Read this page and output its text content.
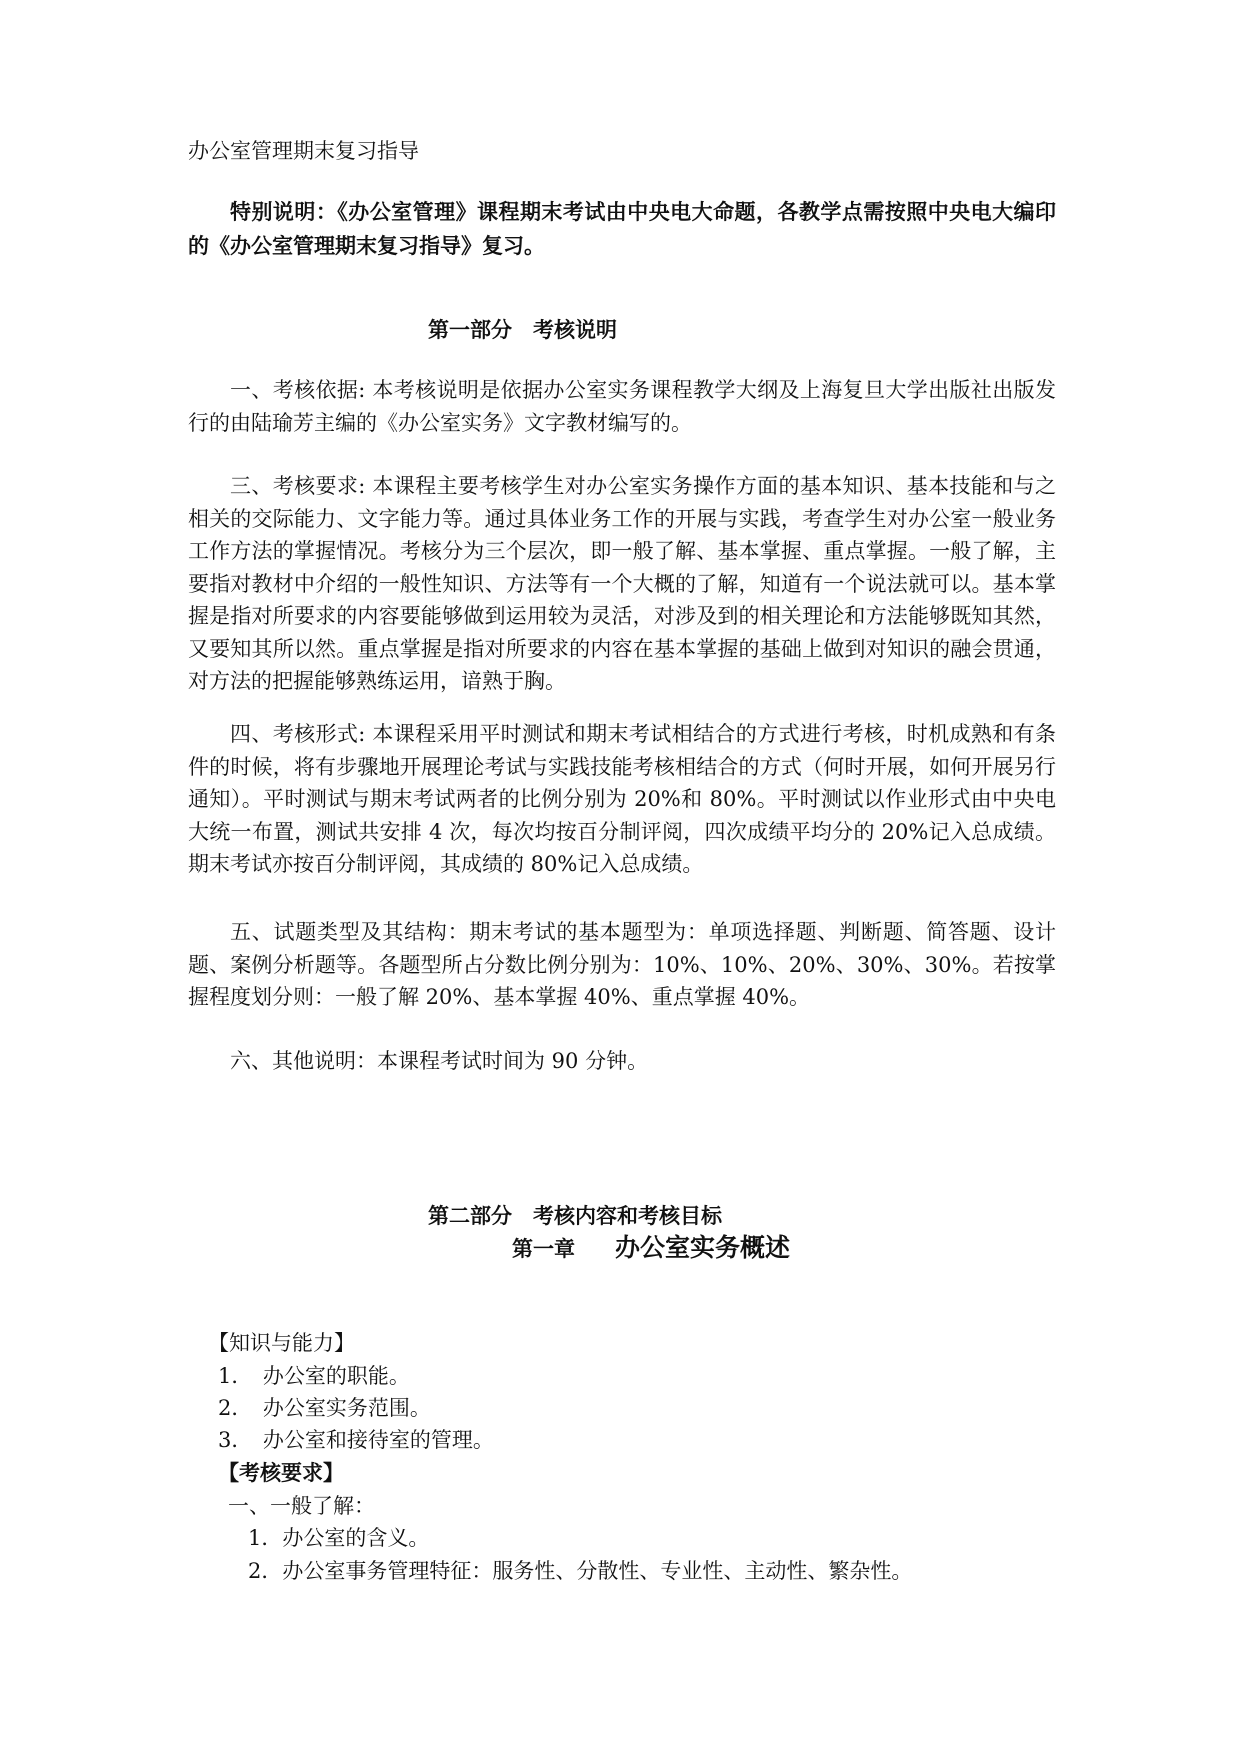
办公室管理期末复习指导

特别说明：《办公室管理》课程期末考试由中央电大命题，各教学点需按照中央电大编印的《办公室管理期末复习指导》复习。

第一部分　考核说明

一、考核依据: 本考核说明是依据办公室实务课程教学大纲及上海复旦大学出版社出版发行的由陆瑜芳主编的《办公室实务》文字教材编写的。

三、考核要求: 本课程主要考核学生对办公室实务操作方面的基本知识、基本技能和与之相关的交际能力、文字能力等。通过具体业务工作的开展与实践，考查学生对办公室一般业务工作方法的掌握情况。考核分为三个层次，即一般了解、基本掌握、重点掌握。一般了解，主要指对教材中介绍的一般性知识、方法等有一个大概的了解，知道有一个说法就可以。基本掌握是指对所要求的内容要能够做到运用较为灵活，对涉及到的相关理论和方法能够既知其然，又要知其所以然。重点掌握是指对所要求的内容在基本掌握的基础上做到对知识的融会贯通，对方法的把握能够熟练运用，谙熟于胸。

四、考核形式: 本课程采用平时测试和期末考试相结合的方式进行考核，时机成熟和有条件的时候，将有步骤地开展理论考试与实践技能考核相结合的方式（何时开展，如何开展另行通知）。平时测试与期末考试两者的比例分别为 20%和 80%。平时测试以作业形式由中央电大统一布置，测试共安排 4 次，每次均按百分制评阅，四次成绩平均分的 20%记入总成绩。期末考试亦按百分制评阅，其成绩的 80%记入总成绩。

五、试题类型及其结构：期末考试的基本题型为：单项选择题、判断题、简答题、设计题、案例分析题等。各题型所占分数比例分别为：10%、10%、20%、30%、30%。若按掌握程度划分则：一般了解 20%、基本掌握 40%、重点掌握 40%。

六、其他说明：本课程考试时间为 90 分钟。

第二部分　考核内容和考核目标
第一章 办公室实务概述
【知识与能力】
1．　办公室的职能。
2．　办公室实务范围。
3．　办公室和接待室的管理。
【考核要求】
一、一般了解：
1．办公室的含义。
2．办公室事务管理特征：服务性、分散性、专业性、主动性、繁杂性。
